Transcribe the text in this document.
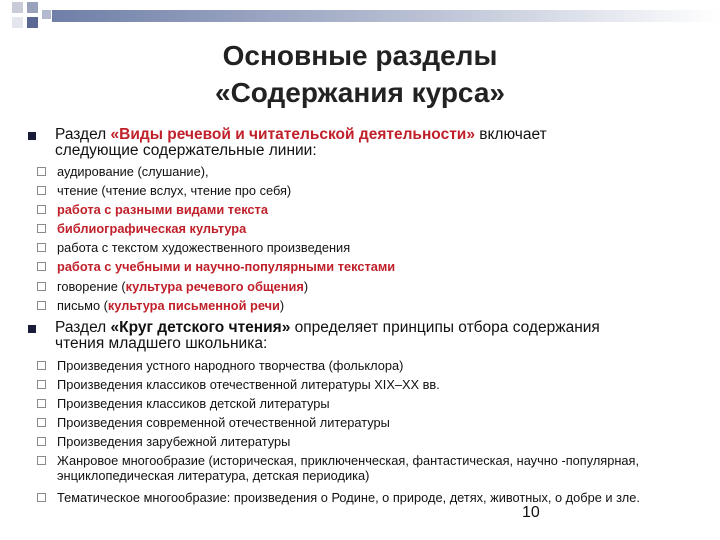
Основные разделы
«Содержания курса»
Раздел «Виды речевой и читательской деятельности» включает
следующие содержательные линии:
аудирование (слушание),
чтение (чтение вслух, чтение про себя)
работа с разными видами текста
библиографическая культура
работа с текстом художественного произведения
работа с учебными и научно-популярными текстами
говорение (культура речевого общения)
письмо (культура письменной речи)
Раздел «Круг детского чтения» определяет принципы отбора содержания
чтения младшего школьника:
Произведения устного народного творчества (фольклора)
Произведения классиков отечественной литературы XIX–XX вв.
Произведения классиков детской литературы
Произведения современной отечественной литературы
Произведения зарубежной литературы
Жанровое многообразие (историческая, приключенческая, фантастическая, научно -популярная, энциклопедическая литература, детская периодика)
Тематическое многообразие: произведения о Родине, о природе, детях, животных, о добре и зле.
10
